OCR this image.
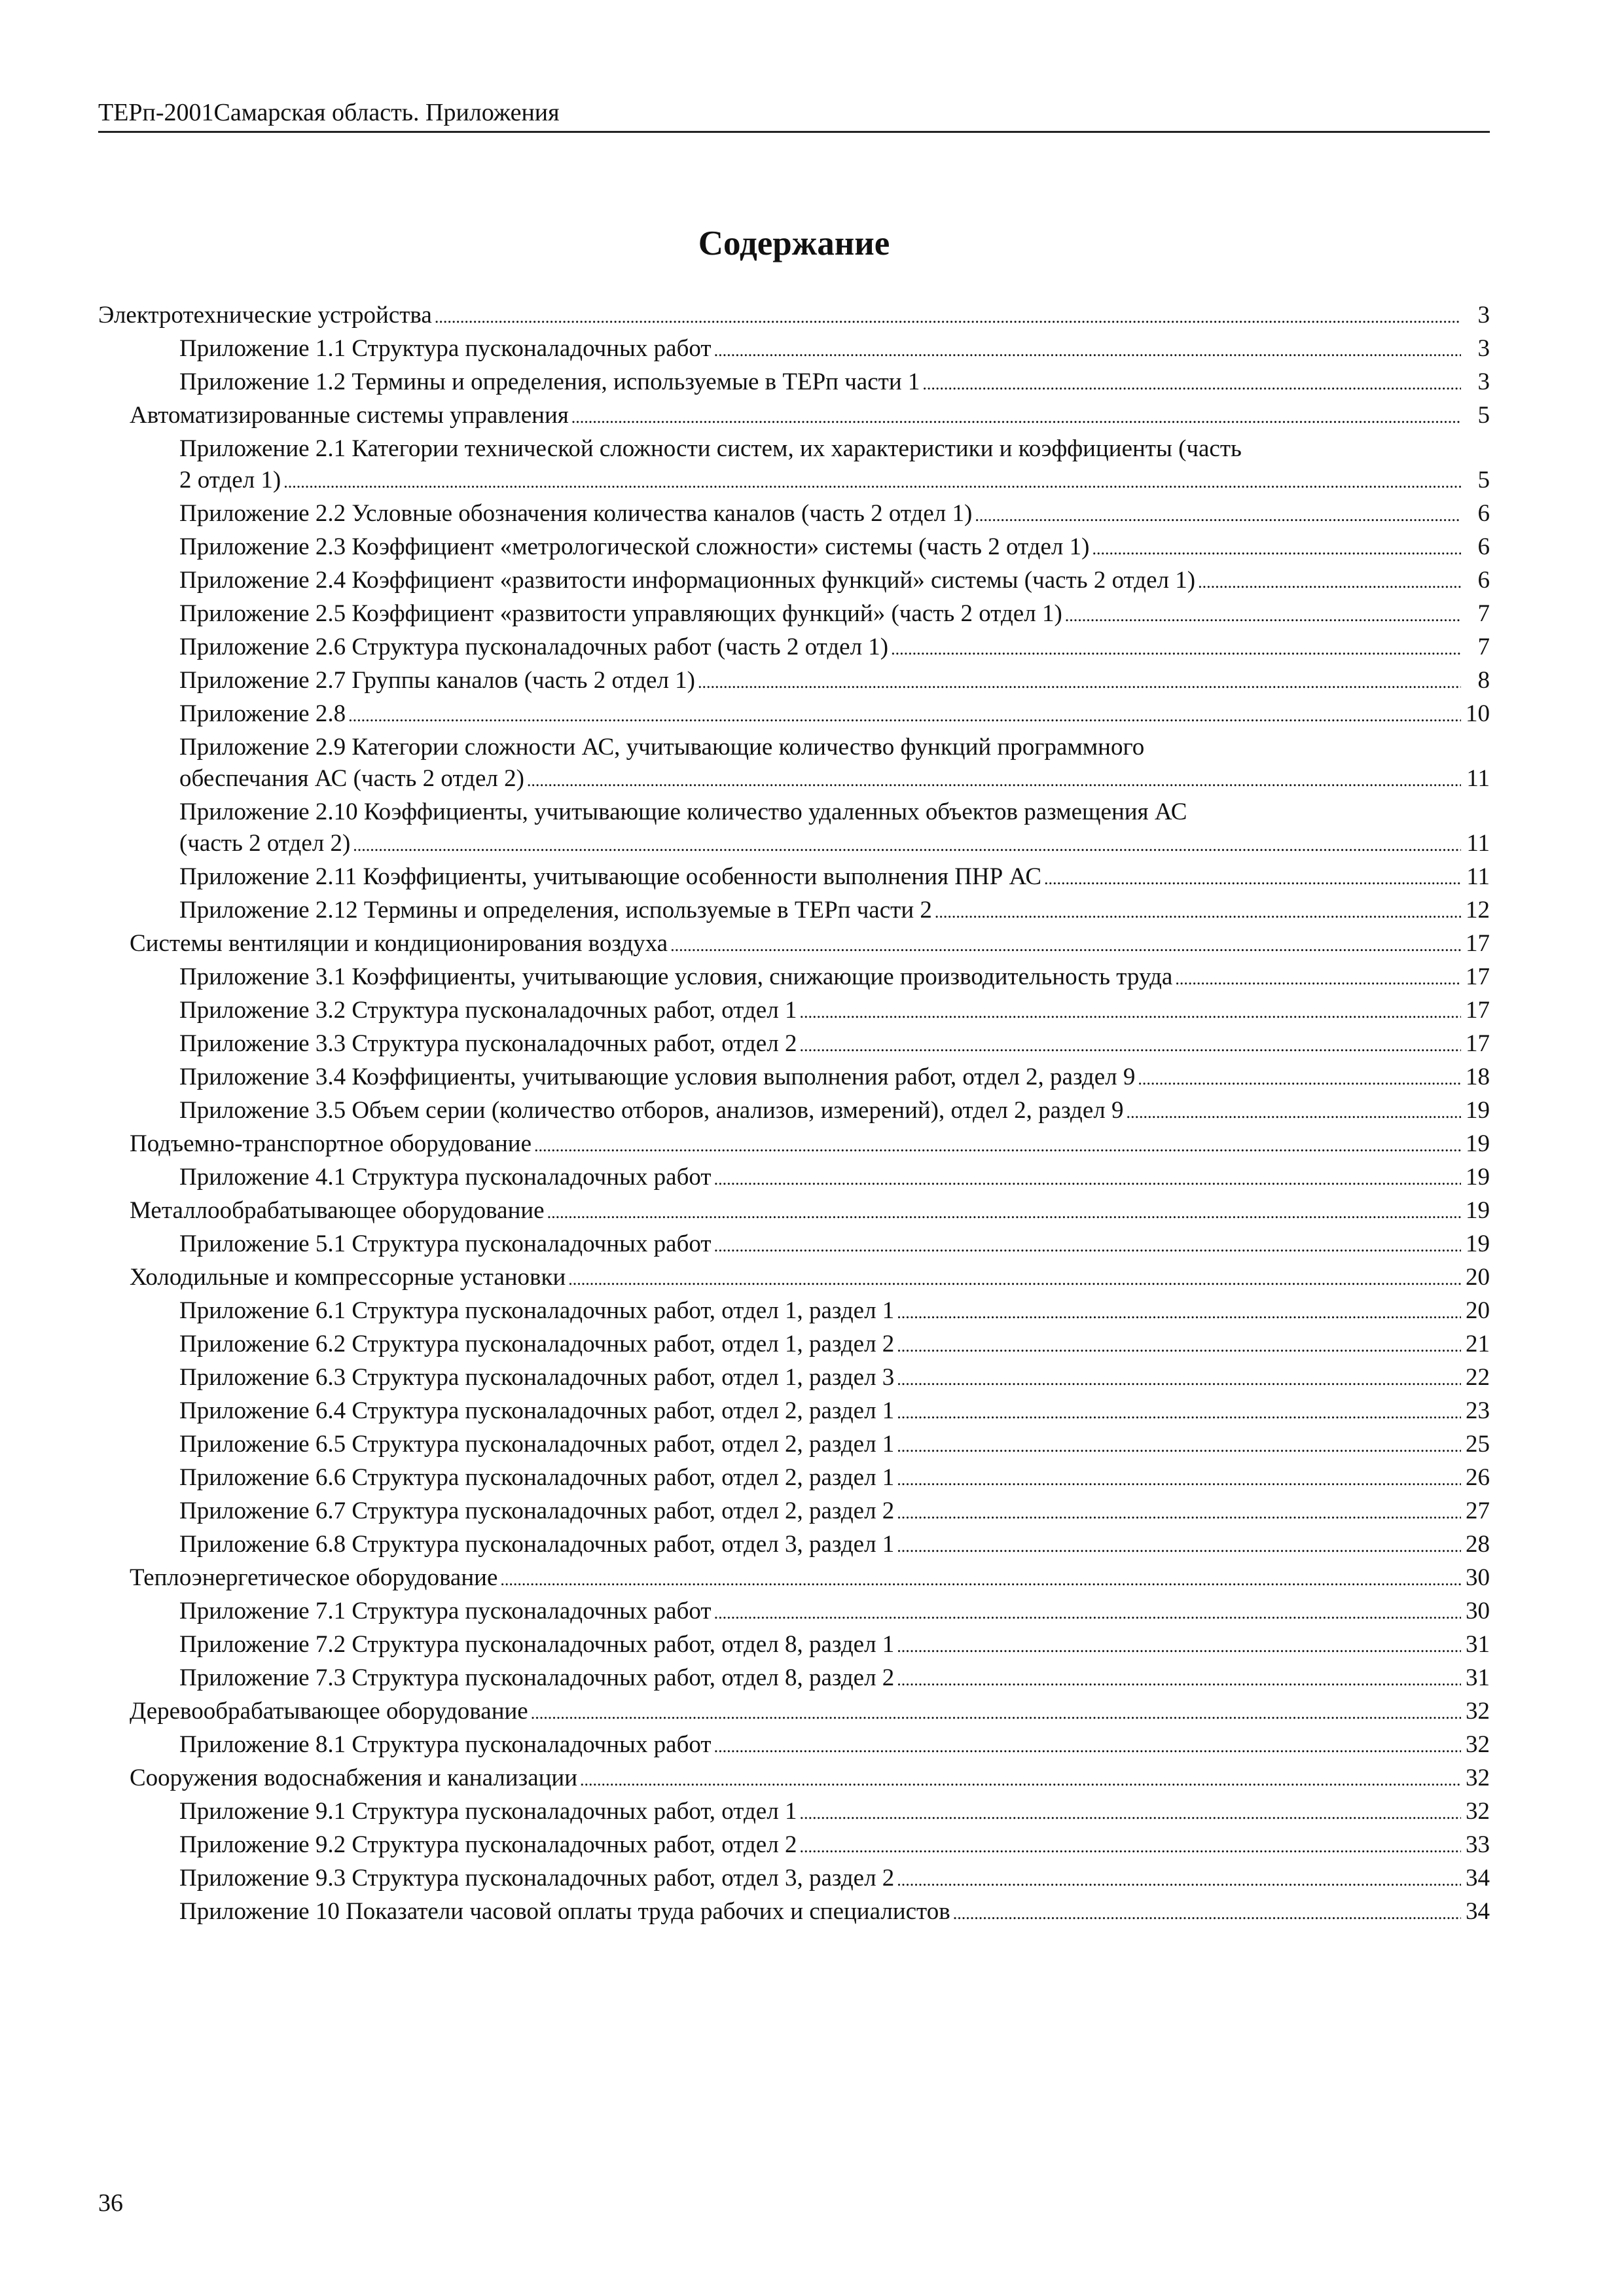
ТЕРп-2001Самарская область. Приложения
Содержание
Электротехнические устройства .....	3
Приложение 1.1 Структура пусконаладочных работ .....	3
Приложение 1.2 Термины и определения, используемые в ТЕРп части 1 .....	3
Автоматизированные системы управления .....	5
Приложение 2.1 Категории технической сложности систем, их характеристики и коэффициенты (часть
2 отдел 1) .....	5
Приложение 2.2 Условные обозначения количества каналов (часть 2 отдел 1) .....	6
Приложение 2.3 Коэффициент «метрологической сложности» системы (часть 2 отдел 1) .....	6
Приложение 2.4 Коэффициент «развитости информационных функций» системы (часть 2 отдел 1) .....	6
Приложение 2.5 Коэффициент «развитости управляющих функций» (часть 2 отдел 1) .....	7
Приложение 2.6 Структура пусконаладочных работ (часть 2 отдел 1) .....	7
Приложение 2.7 Группы каналов (часть 2 отдел 1) .....	8
Приложение 2.8 .....	10
Приложение 2.9 Категории сложности АС, учитывающие количество функций программного
обеспечания АС (часть 2 отдел 2) .....	11
Приложение 2.10 Коэффициенты, учитывающие количество удаленных объектов размещения АС
(часть 2 отдел 2) .....	11
Приложение 2.11 Коэффициенты, учитывающие особенности выполнения ПНР АС .....	11
Приложение 2.12 Термины и определения, используемые в ТЕРп части 2 .....	12
Системы вентиляции и кондиционирования воздуха .....	17
Приложение 3.1 Коэффициенты, учитывающие условия, снижающие производительность труда .....	17
Приложение 3.2 Структура пусконаладочных работ, отдел 1 .....	17
Приложение 3.3 Структура пусконаладочных работ, отдел 2 .....	17
Приложение 3.4 Коэффициенты, учитывающие условия выполнения работ, отдел 2, раздел 9 .....	18
Приложение 3.5 Объем серии (количество отборов, анализов, измерений), отдел 2, раздел 9 .....	19
Подъемно-транспортное оборудование .....	19
Приложение 4.1 Структура пусконаладочных работ .....	19
Металлообрабатывающее оборудование .....	19
Приложение 5.1 Структура пусконаладочных работ .....	19
Холодильные и компрессорные установки .....	20
Приложение 6.1 Структура пусконаладочных работ, отдел 1, раздел 1 .....	20
Приложение 6.2 Структура пусконаладочных работ, отдел 1, раздел 2 .....	21
Приложение 6.3 Структура пусконаладочных работ, отдел 1, раздел 3 .....	22
Приложение 6.4 Структура пусконаладочных работ, отдел 2, раздел 1 .....	23
Приложение 6.5 Структура пусконаладочных работ, отдел 2, раздел 1 .....	25
Приложение 6.6 Структура пусконаладочных работ, отдел 2, раздел 1 .....	26
Приложение 6.7 Структура пусконаладочных работ, отдел 2, раздел 2 .....	27
Приложение 6.8 Структура пусконаладочных работ, отдел 3, раздел 1 .....	28
Теплоэнергетическое оборудование .....	30
Приложение 7.1 Структура пусконаладочных работ .....	30
Приложение 7.2 Структура пусконаладочных работ, отдел 8, раздел 1 .....	31
Приложение 7.3 Структура пусконаладочных работ, отдел 8, раздел 2 .....	31
Деревообрабатывающее оборудование .....	32
Приложение 8.1 Структура пусконаладочных работ .....	32
Сооружения водоснабжения и канализации .....	32
Приложение 9.1 Структура пусконаладочных работ, отдел 1 .....	32
Приложение 9.2 Структура пусконаладочных работ, отдел 2 .....	33
Приложение 9.3 Структура пусконаладочных работ, отдел 3, раздел 2 .....	34
Приложение 10 Показатели часовой оплаты труда рабочих и специалистов .....	34
36
